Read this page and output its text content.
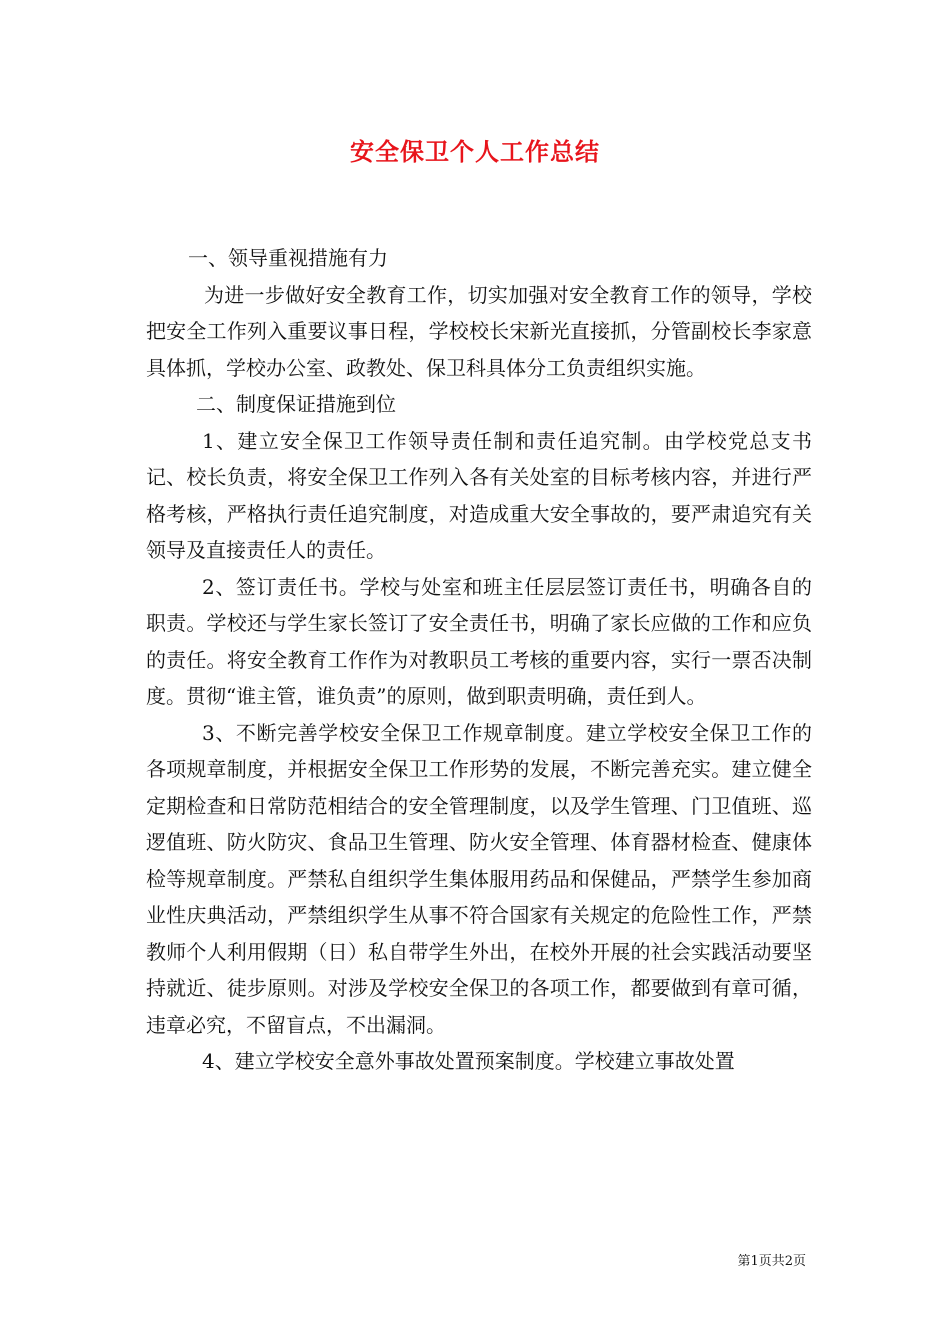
安全保卫个人工作总结

一、领导重视措施有力

为进一步做好安全教育工作，切实加强对安全教育工作的领导，学校把安全工作列入重要议事日程，学校校长宋新光直接抓，分管副校长李家意具体抓，学校办公室、政教处、保卫科具体分工负责组织实施。

二、制度保证措施到位

1、建立安全保卫工作领导责任制和责任追究制。由学校党总支书记、校长负责，将安全保卫工作列入各有关处室的目标考核内容，并进行严格考核，严格执行责任追究制度，对造成重大安全事故的，要严肃追究有关领导及直接责任人的责任。

2、签订责任书。学校与处室和班主任层层签订责任书，明确各自的职责。学校还与学生家长签订了安全责任书，明确了家长应做的工作和应负的责任。将安全教育工作作为对教职员工考核的重要内容，实行一票否决制度。贯彻“谁主管，谁负责”的原则，做到职责明确，责任到人。

3、不断完善学校安全保卫工作规章制度。建立学校安全保卫工作的各项规章制度，并根据安全保卫工作形势的发展，不断完善充实。建立健全定期检查和日常防范相结合的安全管理制度，以及学生管理、门卫值班、巡逻值班、防火防灾、食品卫生管理、防火安全管理、体育器材检查、健康体检等规章制度。严禁私自组织学生集体服用药品和保健品，严禁学生参加商业性庆典活动，严禁组织学生从事不符合国家有关规定的危险性工作，严禁教师个人利用假期（日）私自带学生外出，在校外开展的社会实践活动要坚持就近、徒步原则。对涉及学校安全保卫的各项工作，都要做到有章可循，违章必究，不留盲点，不出漏洞。

4、建立学校安全意外事故处置预案制度。学校建立事故处置

第1页共2页
